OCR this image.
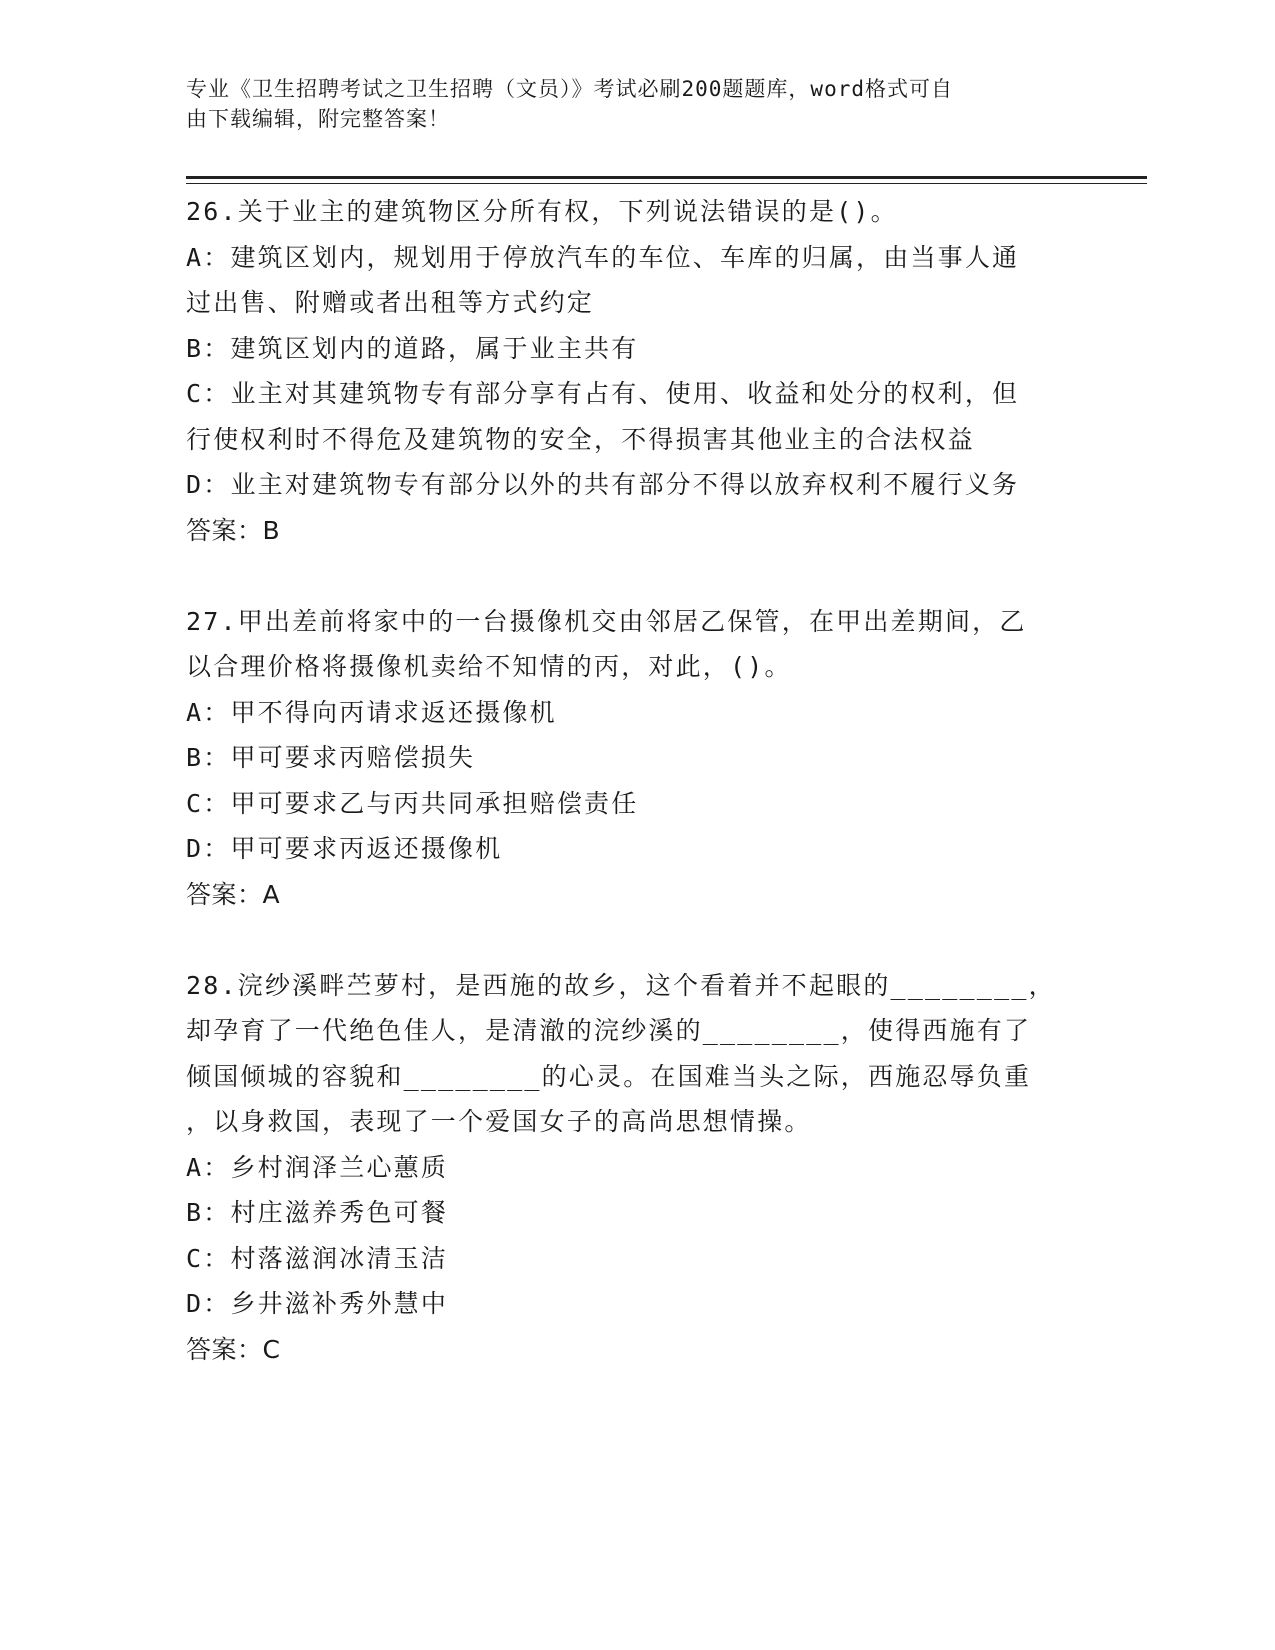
专业《卫生招聘考试之卫生招聘（文员）》考试必刷200题题库，word格式可自
由下载编辑，附完整答案！
26.关于业主的建筑物区分所有权，下列说法错误的是()。
A：建筑区划内，规划用于停放汽车的车位、车库的归属，由当事人通
过出售、附赠或者出租等方式约定
B：建筑区划内的道路，属于业主共有
C：业主对其建筑物专有部分享有占有、使用、收益和处分的权利，但
行使权利时不得危及建筑物的安全，不得损害其他业主的合法权益
D：业主对建筑物专有部分以外的共有部分不得以放弃权利不履行义务
答案：B
27.甲出差前将家中的一台摄像机交由邻居乙保管，在甲出差期间，乙
以合理价格将摄像机卖给不知情的丙，对此，()。
A：甲不得向丙请求返还摄像机
B：甲可要求丙赔偿损失
C：甲可要求乙与丙共同承担赔偿责任
D：甲可要求丙返还摄像机
答案：A
28.浣纱溪畔苎萝村，是西施的故乡，这个看着并不起眼的________，
却孕育了一代绝色佳人，是清澈的浣纱溪的________，使得西施有了
倾国倾城的容貌和________的心灵。在国难当头之际，西施忍辱负重
，以身救国，表现了一个爱国女子的高尚思想情操。
A：乡村润泽兰心蕙质
B：村庄滋养秀色可餐
C：村落滋润冰清玉洁
D：乡井滋补秀外慧中
答案：C
